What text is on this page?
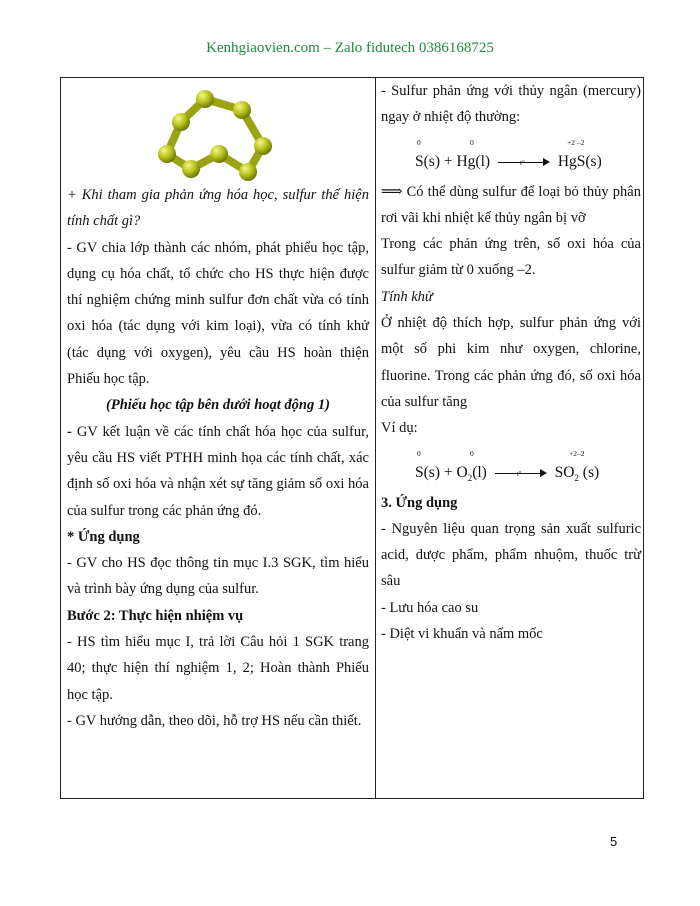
Kenhgiaovien.com – Zalo fidutech 0386168725

+ Khi tham gia phản ứng hóa học, sulfur thể hiện tính chất gì?

- GV chia lớp thành các nhóm, phát phiếu học tập, dụng cụ hóa chất, tổ chức cho HS thực hiện được thí nghiệm chứng minh sulfur đơn chất vừa có tính oxi hóa (tác dụng với kim loại), vừa có tính khử (tác dụng với oxygen), yêu cầu HS hoàn thiện Phiếu học tập.

(Phiếu học tập bên dưới hoạt động 1)

- GV kết luận về các tính chất hóa học của sulfur, yêu cầu HS viết PTHH minh họa các tính chất, xác định số oxi hóa và nhận xét sự tăng giảm số oxi hóa của sulfur trong các phản ứng đó.

* Ứng dụng

- GV cho HS đọc thông tin mục I.3 SGK, tìm hiểu và trình bày ứng dụng của sulfur.

Bước 2: Thực hiện nhiệm vụ

- HS tìm hiểu mục I, trả lời Câu hỏi 1 SGK trang 40; thực hiện thí nghiệm 1, 2; Hoàn thành Phiếu học tập.

- GV hướng dẫn, theo dõi, hỗ trợ HS nếu cần thiết.

- Sulfur phản ứng với thủy ngân (mercury) ngay ở nhiệt độ thường:

0	0	+2 –2
S(s) + Hg(l)	t° HgS(s)

⟹ Có thể dùng sulfur để loại bỏ thủy phân rơi vãi khi nhiệt kế thủy ngân bị vỡ

Trong các phản ứng trên, số oxi hóa của sulfur giảm từ 0 xuống –2.

Tính khử

Ở nhiệt độ thích hợp, sulfur phản ứng với một số phi kim như oxygen, chlorine, fluorine. Trong các phản ứng đó, số oxi hóa của sulfur tăng

Ví dụ:

0	0	+2–2
$S(s) + O_2(l)$	t° $SO_2$ (s)

3. Ứng dụng

- Nguyên liệu quan trọng sản xuất sulfuric acid, dược phẩm, phẩm nhuộm, thuốc trừ sâu

- Lưu hóa cao su

- Diệt vi khuẩn và nấm mốc

5
